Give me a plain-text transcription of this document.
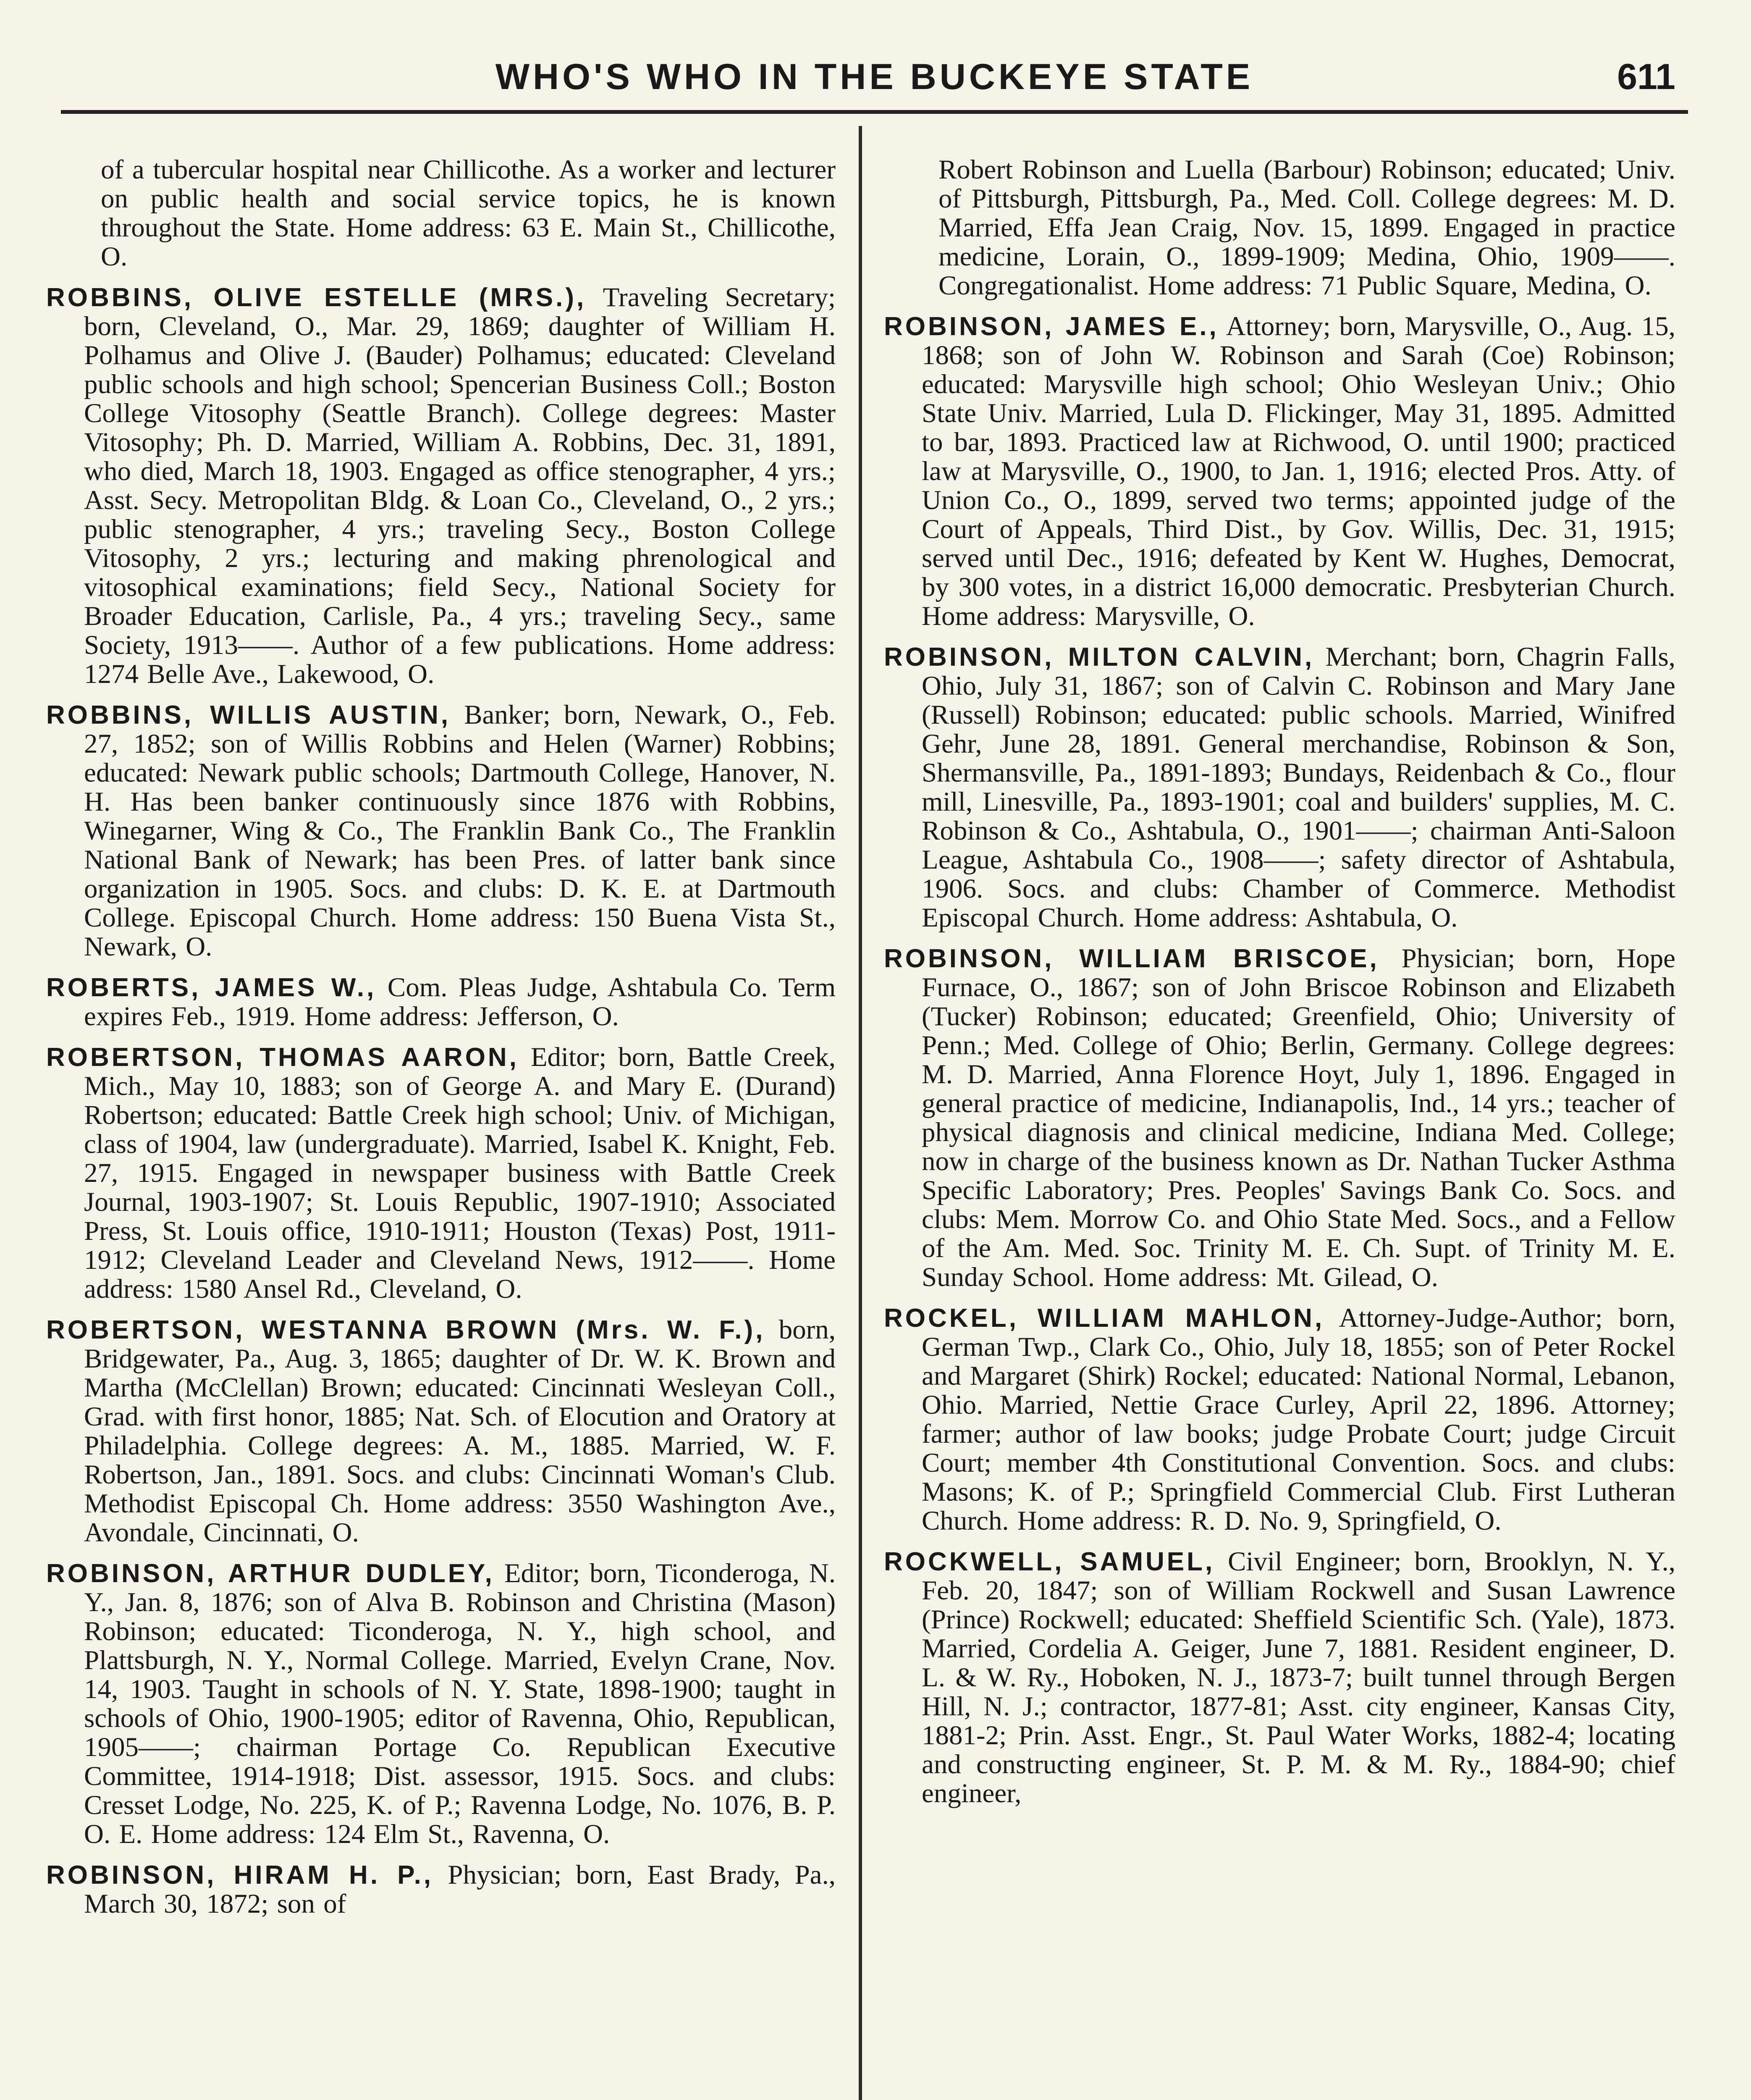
WHO'S WHO IN THE BUCKEYE STATE	611

of a tubercular hospital near Chillicothe. As a worker and lecturer on public health and social service topics, he is known throughout the State. Home address: 63 E. Main St., Chillicothe, O.

ROBBINS, OLIVE ESTELLE (MRS.), Traveling Secretary; born, Cleveland, O., Mar. 29, 1869; daughter of William H. Polhamus and Olive J. (Bauder) Polhamus; educated: Cleveland public schools and high school; Spencerian Business Coll.; Boston College Vitosophy (Seattle Branch). College degrees: Master Vitosophy; Ph. D. Married, William A. Robbins, Dec. 31, 1891, who died, March 18, 1903. Engaged as office stenographer, 4 yrs.; Asst. Secy. Metropolitan Bldg. & Loan Co., Cleveland, O., 2 yrs.; public stenographer, 4 yrs.; traveling Secy., Boston College Vitosophy, 2 yrs.; lecturing and making phrenological and vitosophical examinations; field Secy., National Society for Broader Education, Carlisle, Pa., 4 yrs.; traveling Secy., same Society, 1913——. Author of a few publications. Home address: 1274 Belle Ave., Lakewood, O.

ROBBINS, WILLIS AUSTIN, Banker; born, Newark, O., Feb. 27, 1852; son of Willis Robbins and Helen (Warner) Robbins; educated: Newark public schools; Dartmouth College, Hanover, N. H. Has been banker continuously since 1876 with Robbins, Winegarner, Wing & Co., The Franklin Bank Co., The Franklin National Bank of Newark; has been Pres. of latter bank since organization in 1905. Socs. and clubs: D. K. E. at Dartmouth College. Episcopal Church. Home address: 150 Buena Vista St., Newark, O.

ROBERTS, JAMES W., Com. Pleas Judge, Ashtabula Co. Term expires Feb., 1919. Home address: Jefferson, O.

ROBERTSON, THOMAS AARON, Editor; born, Battle Creek, Mich., May 10, 1883; son of George A. and Mary E. (Durand) Robertson; educated: Battle Creek high school; Univ. of Michigan, class of 1904, law (undergraduate). Married, Isabel K. Knight, Feb. 27, 1915. Engaged in newspaper business with Battle Creek Journal, 1903-1907; St. Louis Republic, 1907-1910; Associated Press, St. Louis office, 1910-1911; Houston (Texas) Post, 1911-1912; Cleveland Leader and Cleveland News, 1912——. Home address: 1580 Ansel Rd., Cleveland, O.

ROBERTSON, WESTANNA BROWN (Mrs. W. F.), born, Bridgewater, Pa., Aug. 3, 1865; daughter of Dr. W. K. Brown and Martha (McClellan) Brown; educated: Cincinnati Wesleyan Coll., Grad. with first honor, 1885; Nat. Sch. of Elocution and Oratory at Philadelphia. College degrees: A. M., 1885. Married, W. F. Robertson, Jan., 1891. Socs. and clubs: Cincinnati Woman's Club. Methodist Episcopal Ch. Home address: 3550 Washington Ave., Avondale, Cincinnati, O.

ROBINSON, ARTHUR DUDLEY, Editor; born, Ticonderoga, N. Y., Jan. 8, 1876; son of Alva B. Robinson and Christina (Mason) Robinson; educated: Ticonderoga, N. Y., high school, and Plattsburgh, N. Y., Normal College. Married, Evelyn Crane, Nov. 14, 1903. Taught in schools of N. Y. State, 1898-1900; taught in schools of Ohio, 1900-1905; editor of Ravenna, Ohio, Republican, 1905——; chairman Portage Co. Republican Executive Committee, 1914-1918; Dist. assessor, 1915. Socs. and clubs: Cresset Lodge, No. 225, K. of P.; Ravenna Lodge, No. 1076, B. P. O. E. Home address: 124 Elm St., Ravenna, O.

ROBINSON, HIRAM H. P., Physician; born, East Brady, Pa., March 30, 1872; son of

Robert Robinson and Luella (Barbour) Robinson; educated; Univ. of Pittsburgh, Pittsburgh, Pa., Med. Coll. College degrees: M. D. Married, Effa Jean Craig, Nov. 15, 1899. Engaged in practice medicine, Lorain, O., 1899-1909; Medina, Ohio, 1909——. Congregationalist. Home address: 71 Public Square, Medina, O.

ROBINSON, JAMES E., Attorney; born, Marysville, O., Aug. 15, 1868; son of John W. Robinson and Sarah (Coe) Robinson; educated: Marysville high school; Ohio Wesleyan Univ.; Ohio State Univ. Married, Lula D. Flickinger, May 31, 1895. Admitted to bar, 1893. Practiced law at Richwood, O. until 1900; practiced law at Marysville, O., 1900, to Jan. 1, 1916; elected Pros. Atty. of Union Co., O., 1899, served two terms; appointed judge of the Court of Appeals, Third Dist., by Gov. Willis, Dec. 31, 1915; served until Dec., 1916; defeated by Kent W. Hughes, Democrat, by 300 votes, in a district 16,000 democratic. Presbyterian Church. Home address: Marysville, O.

ROBINSON, MILTON CALVIN, Merchant; born, Chagrin Falls, Ohio, July 31, 1867; son of Calvin C. Robinson and Mary Jane (Russell) Robinson; educated: public schools. Married, Winifred Gehr, June 28, 1891. General merchandise, Robinson & Son, Shermansville, Pa., 1891-1893; Bundays, Reidenbach & Co., flour mill, Linesville, Pa., 1893-1901; coal and builders' supplies, M. C. Robinson & Co., Ashtabula, O., 1901——; chairman Anti-Saloon League, Ashtabula Co., 1908——; safety director of Ashtabula, 1906. Socs. and clubs: Chamber of Commerce. Methodist Episcopal Church. Home address: Ashtabula, O.

ROBINSON, WILLIAM BRISCOE, Physician; born, Hope Furnace, O., 1867; son of John Briscoe Robinson and Elizabeth (Tucker) Robinson; educated; Greenfield, Ohio; University of Penn.; Med. College of Ohio; Berlin, Germany. College degrees: M. D. Married, Anna Florence Hoyt, July 1, 1896. Engaged in general practice of medicine, Indianapolis, Ind., 14 yrs.; teacher of physical diagnosis and clinical medicine, Indiana Med. College; now in charge of the business known as Dr. Nathan Tucker Asthma Specific Laboratory; Pres. Peoples' Savings Bank Co. Socs. and clubs: Mem. Morrow Co. and Ohio State Med. Socs., and a Fellow of the Am. Med. Soc. Trinity M. E. Ch. Supt. of Trinity M. E. Sunday School. Home address: Mt. Gilead, O.

ROCKEL, WILLIAM MAHLON, Attorney-Judge-Author; born, German Twp., Clark Co., Ohio, July 18, 1855; son of Peter Rockel and Margaret (Shirk) Rockel; educated: National Normal, Lebanon, Ohio. Married, Nettie Grace Curley, April 22, 1896. Attorney; farmer; author of law books; judge Probate Court; judge Circuit Court; member 4th Constitutional Convention. Socs. and clubs: Masons; K. of P.; Springfield Commercial Club. First Lutheran Church. Home address: R. D. No. 9, Springfield, O.

ROCKWELL, SAMUEL, Civil Engineer; born, Brooklyn, N. Y., Feb. 20, 1847; son of William Rockwell and Susan Lawrence (Prince) Rockwell; educated: Sheffield Scientific Sch. (Yale), 1873. Married, Cordelia A. Geiger, June 7, 1881. Resident engineer, D. L. & W. Ry., Hoboken, N. J., 1873-7; built tunnel through Bergen Hill, N. J.; contractor, 1877-81; Asst. city engineer, Kansas City, 1881-2; Prin. Asst. Engr., St. Paul Water Works, 1882-4; locating and constructing engineer, St. P. M. & M. Ry., 1884-90; chief engineer,
